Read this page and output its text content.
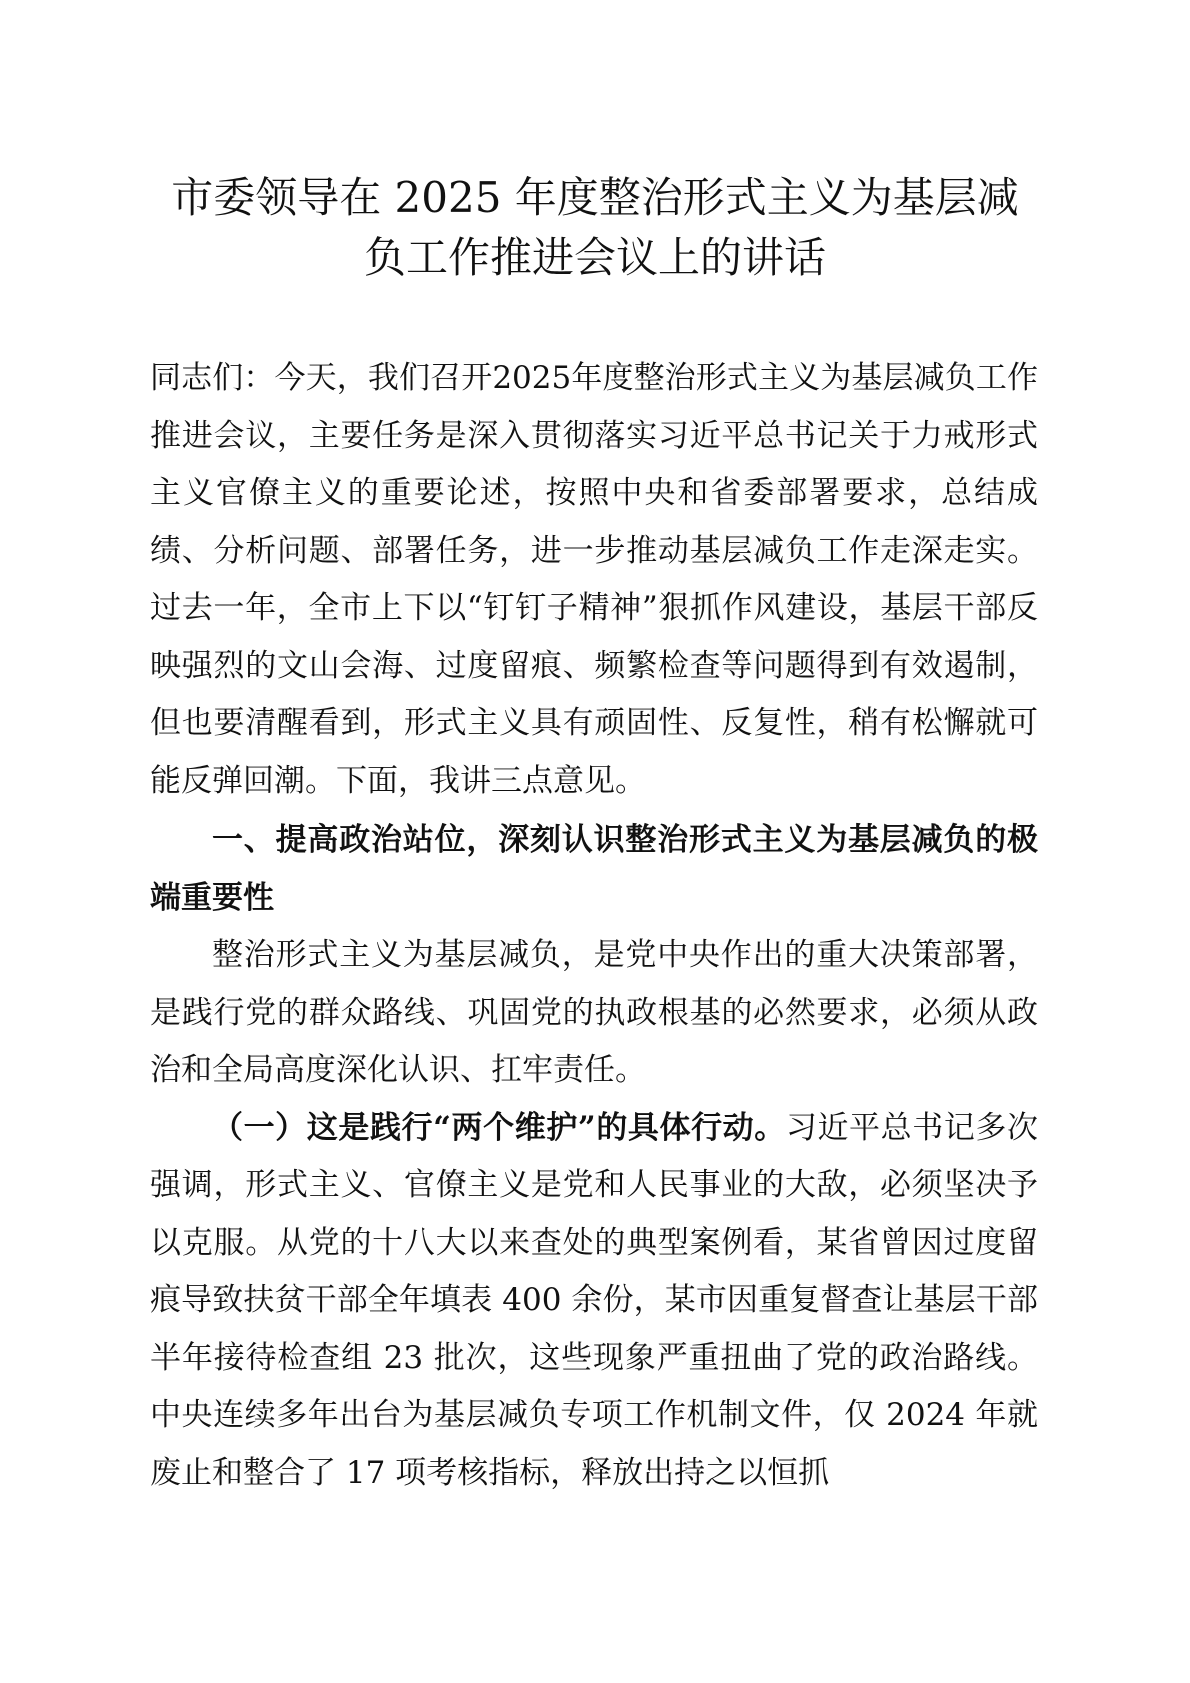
市委领导在 2025 年度整治形式主义为基层减
负工作推进会议上的讲话

同志们：今天，我们召开2025年度整治形式主义为基层减负工作推进会议，主要任务是深入贯彻落实习近平总书记关于力戒形式主义官僚主义的重要论述，按照中央和省委部署要求，总结成绩、分析问题、部署任务，进一步推动基层减负工作走深走实。过去一年，全市上下以“钉钉子精神”狠抓作风建设，基层干部反映强烈的文山会海、过度留痕、频繁检查等问题得到有效遏制，但也要清醒看到，形式主义具有顽固性、反复性，稍有松懈就可能反弹回潮。下面，我讲三点意见。

一、提高政治站位，深刻认识整治形式主义为基层减负的极端重要性

整治形式主义为基层减负，是党中央作出的重大决策部署，是践行党的群众路线、巩固党的执政根基的必然要求，必须从政治和全局高度深化认识、扛牢责任。

（一）这是践行“两个维护”的具体行动。习近平总书记多次强调，形式主义、官僚主义是党和人民事业的大敌，必须坚决予以克服。从党的十八大以来查处的典型案例看，某省曾因过度留痕导致扶贫干部全年填表 400 余份，某市因重复督查让基层干部半年接待检查组 23 批次，这些现象严重扭曲了党的政治路线。中央连续多年出台为基层减负专项工作机制文件，仅 2024 年就废止和整合了 17 项考核指标，释放出持之以恒抓
